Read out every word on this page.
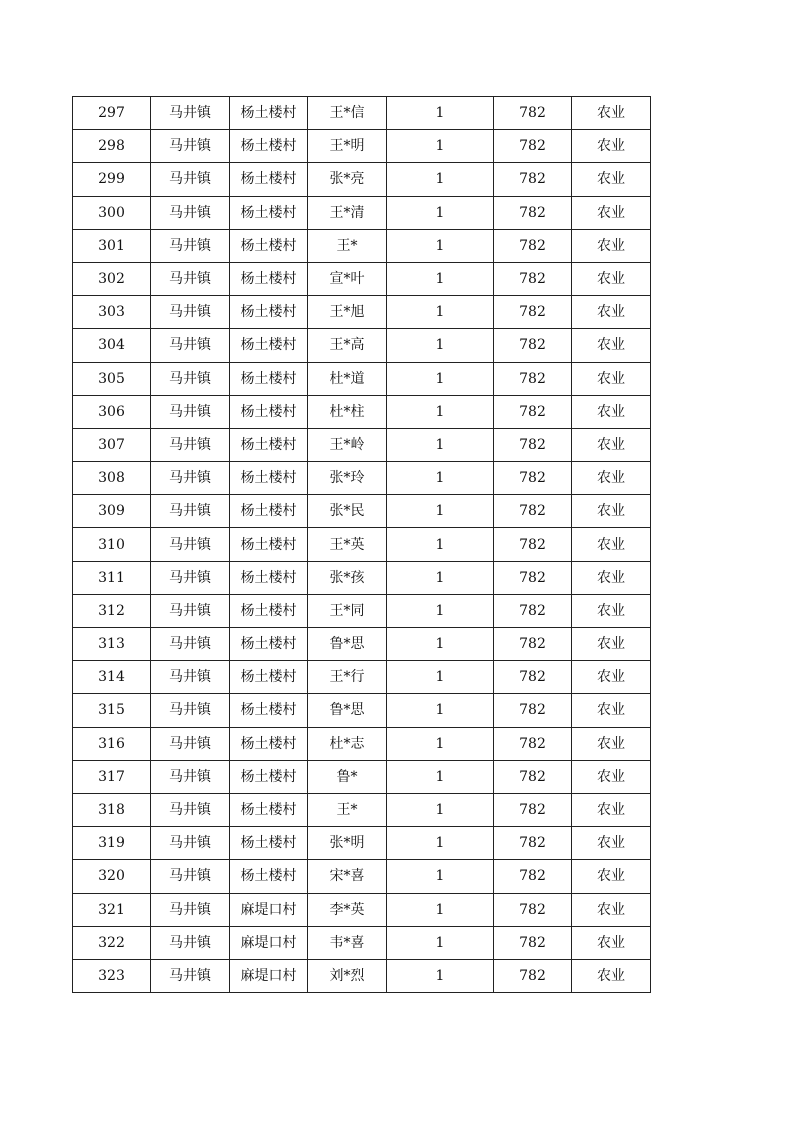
297	马井镇	杨土楼村	王*信	1	782	农业
298	马井镇	杨土楼村	王*明	1	782	农业
299	马井镇	杨土楼村	张*亮	1	782	农业
300	马井镇	杨土楼村	王*清	1	782	农业
301	马井镇	杨土楼村	王*	1	782	农业
302	马井镇	杨土楼村	宣*叶	1	782	农业
303	马井镇	杨土楼村	王*旭	1	782	农业
304	马井镇	杨土楼村	王*高	1	782	农业
305	马井镇	杨土楼村	杜*道	1	782	农业
306	马井镇	杨土楼村	杜*柱	1	782	农业
307	马井镇	杨土楼村	王*岭	1	782	农业
308	马井镇	杨土楼村	张*玲	1	782	农业
309	马井镇	杨土楼村	张*民	1	782	农业
310	马井镇	杨土楼村	王*英	1	782	农业
311	马井镇	杨土楼村	张*孩	1	782	农业
312	马井镇	杨土楼村	王*同	1	782	农业
313	马井镇	杨土楼村	鲁*思	1	782	农业
314	马井镇	杨土楼村	王*行	1	782	农业
315	马井镇	杨土楼村	鲁*思	1	782	农业
316	马井镇	杨土楼村	杜*志	1	782	农业
317	马井镇	杨土楼村	鲁*	1	782	农业
318	马井镇	杨土楼村	王*	1	782	农业
319	马井镇	杨土楼村	张*明	1	782	农业
320	马井镇	杨土楼村	宋*喜	1	782	农业
321	马井镇	麻堤口村	李*英	1	782	农业
322	马井镇	麻堤口村	韦*喜	1	782	农业
323	马井镇	麻堤口村	刘*烈	1	782	农业
